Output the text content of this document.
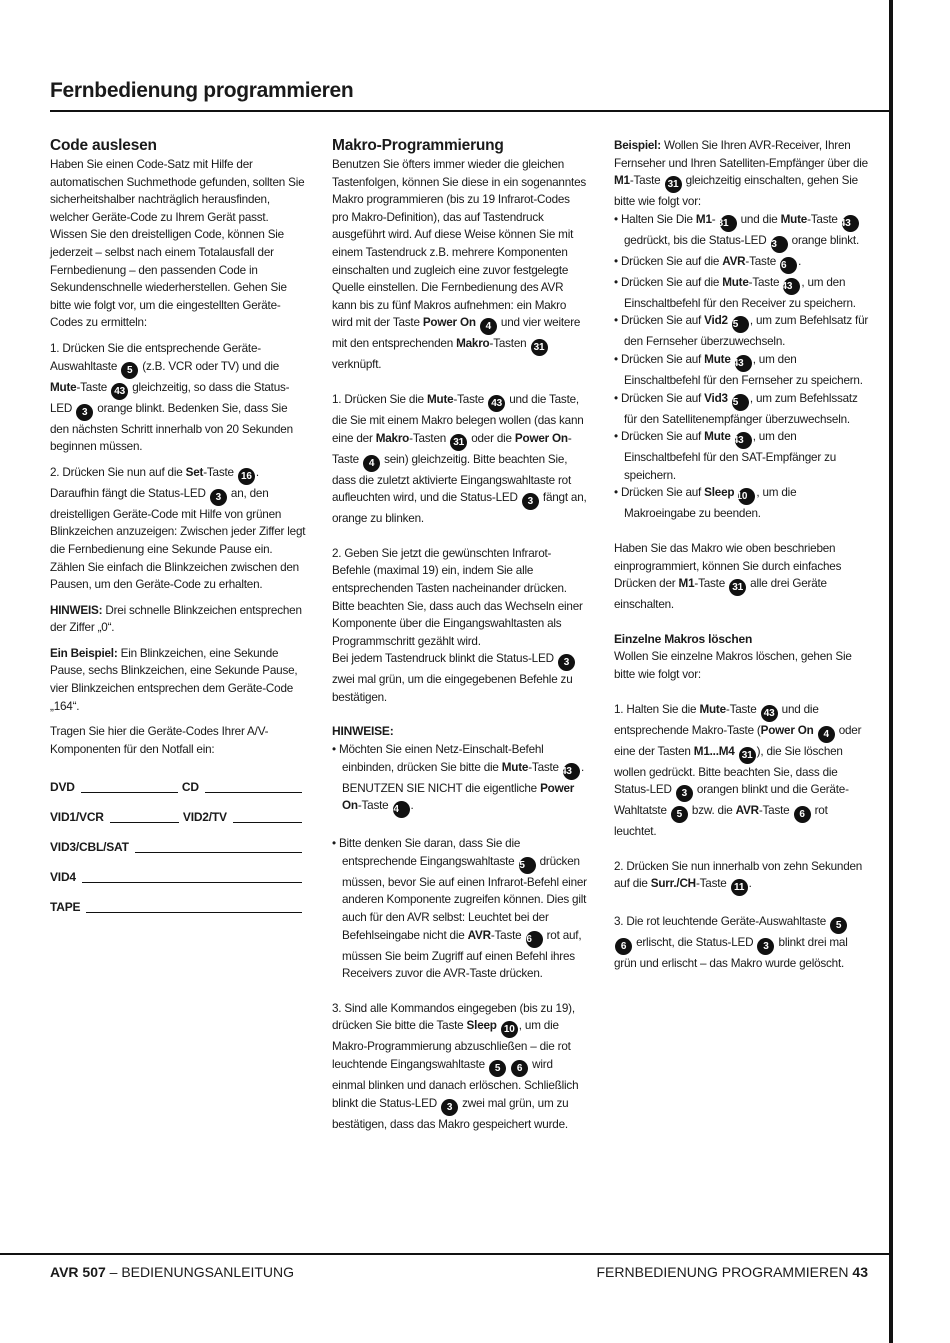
Fernbedienung programmieren
Code auslesen

Haben Sie einen Code-Satz mit Hilfe der automatischen Suchmethode gefunden, sollten Sie sicherheitshalber nachträglich herausfinden, welcher Geräte-Code zu Ihrem Gerät passt. Wissen Sie den dreistelligen Code, können Sie jederzeit – selbst nach einem Totalausfall der Fernbedienung – den passenden Code in Sekundenschnelle wiederherstellen. Gehen Sie bitte wie folgt vor, um die eingestellten Geräte-Codes zu ermitteln:

1. Drücken Sie die entsprechende Geräte-Auswahltaste 5 (z.B. VCR oder TV) und die Mute-Taste 43 gleichzeitig, so dass die Status-LED 3 orange blinkt. Bedenken Sie, dass Sie den nächsten Schritt innerhalb von 20 Sekunden beginnen müssen.

2. Drücken Sie nun auf die Set-Taste 16 . Daraufhin fängt die Status-LED 3 an, den dreistelligen Geräte-Code mit Hilfe von grünen Blinkzeichen anzuzeigen: Zwischen jeder Ziffer legt die Fernbedienung eine Sekunde Pause ein. Zählen Sie einfach die Blinkzeichen zwischen den Pausen, um den Geräte-Code zu erhalten.

HINWEIS: Drei schnelle Blinkzeichen entsprechen der Ziffer „0“.

Ein Beispiel: Ein Blinkzeichen, eine Sekunde Pause, sechs Blinkzeichen, eine Sekunde Pause, vier Blinkzeichen entsprechen dem Geräte-Code „164“.

Tragen Sie hier die Geräte-Codes Ihrer A/V-Komponenten für den Notfall ein:

DVD	CD
VID1/VCR	VID2/TV
VID3/CBL/SAT
VID4
TAPE
Makro-Programmierung

Benutzen Sie öfters immer wieder die gleichen Tastenfolgen, können Sie diese in ein sogenanntes Makro programmieren (bis zu 19 Infrarot-Codes pro Makro-Definition), das auf Tastendruck ausgeführt wird. Auf diese Weise können Sie mit einem Tastendruck z.B. mehrere Komponenten einschalten und zugleich eine zuvor festgelegte Quelle einstellen. Die Fernbedienung des AVR kann bis zu fünf Makros aufnehmen: ein Makro wird mit der Taste Power On 4 und vier weitere mit den entsprechenden Makro-Tasten 31 verknüpft.

1. Drücken Sie die Mute-Taste 43 und die Taste, die Sie mit einem Makro belegen wollen (das kann eine der Makro-Tasten 31 oder die Power On-Taste 4 sein) gleichzeitig. Bitte beachten Sie, dass die zuletzt aktivierte Eingangswahltaste rot aufleuchten wird, und die Status-LED 3 fängt an, orange zu blinken.

2. Geben Sie jetzt die gewünschten Infrarot-Befehle (maximal 19) ein, indem Sie alle entsprechenden Tasten nacheinander drücken. Bitte beachten Sie, dass auch das Wechseln einer Komponente über die Eingangswahltasten als Programmschritt gezählt wird.

Bei jedem Tastendruck blinkt die Status-LED 3 zwei mal grün, um die eingegebenen Befehle zu bestätigen.

HINWEISE:

• Möchten Sie einen Netz-Einschalt-Befehl einbinden, drücken Sie bitte die Mute-Taste 43 . BENUTZEN SIE NICHT die eigentliche Power On-Taste 4 .

• Bitte denken Sie daran, dass Sie die entsprechende Eingangswahltaste 5 drücken müssen, bevor Sie auf einen Infrarot-Befehl einer anderen Komponente zugreifen können. Dies gilt auch für den AVR selbst: Leuchtet bei der Befehlseingabe nicht die AVR-Taste 6 rot auf, müssen Sie beim Zugriff auf einen Befehl ihres Receivers zuvor die AVR-Taste drücken.

3. Sind alle Kommandos eingegeben (bis zu 19), drücken Sie bitte die Taste Sleep 10 , um die Makro-Programmierung abzuschließen – die rot leuchtende Eingangswahltaste 5 6 wird einmal blinken und danach erlöschen. Schließlich blinkt die Status-LED 3 zwei mal grün, um zu bestätigen, dass das Makro gespeichert wurde.

Beispiel: Wollen Sie Ihren AVR-Receiver, Ihren Fernseher und Ihren Satelliten-Empfänger über die M1-Taste 31 gleichzeitig einschalten, gehen Sie bitte wie folgt vor:

• Halten Sie Die M1- 31 und die Mute-Taste 43 gedrückt, bis die Status-LED 3 orange blinkt.

• Drücken Sie auf die AVR-Taste 6 .

• Drücken Sie auf die Mute-Taste 43 , um den Einschaltbefehl für den Receiver zu speichern.

• Drücken Sie auf Vid2 5 , um zum Befehlsatz für den Fernseher überzuwechseln.

• Drücken Sie auf Mute 43 , um den Einschaltbefehl für den Fernseher zu speichern.

• Drücken Sie auf Vid3 5 , um zum Befehlssatz für den Satellitenempfänger überzuwechseln.

• Drücken Sie auf Mute 43 , um den Einschaltbefehl für den SAT-Empfänger zu speichern.

• Drücken Sie auf Sleep 10 , um die Makroeingabe zu beenden.

Haben Sie das Makro wie oben beschrieben einprogrammiert, können Sie durch einfaches Drücken der M1-Taste 31 alle drei Geräte einschalten.

Einzelne Makros löschen

Wollen Sie einzelne Makros löschen, gehen Sie bitte wie folgt vor:

1. Halten Sie die Mute-Taste 43 und die entsprechende Makro-Taste (Power On 4 oder eine der Tasten M1...M4 31 ), die Sie löschen wollen gedrückt. Bitte beachten Sie, dass die Status-LED 3 orangen blinkt und die Geräte-Wahltatste 5 bzw. die AVR-Taste 6 rot leuchtet.

2. Drücken Sie nun innerhalb von zehn Sekunden auf die Surr./CH-Taste 11 .

3. Die rot leuchtende Geräte-Auswahltaste 5 6 erlischt, die Status-LED 3 blinkt drei mal grün und erlischt – das Makro wurde gelöscht.

AVR 507 – BEDIENUNGSANLEITUNG	FERNBEDIENUNG PROGRAMMIEREN 43
